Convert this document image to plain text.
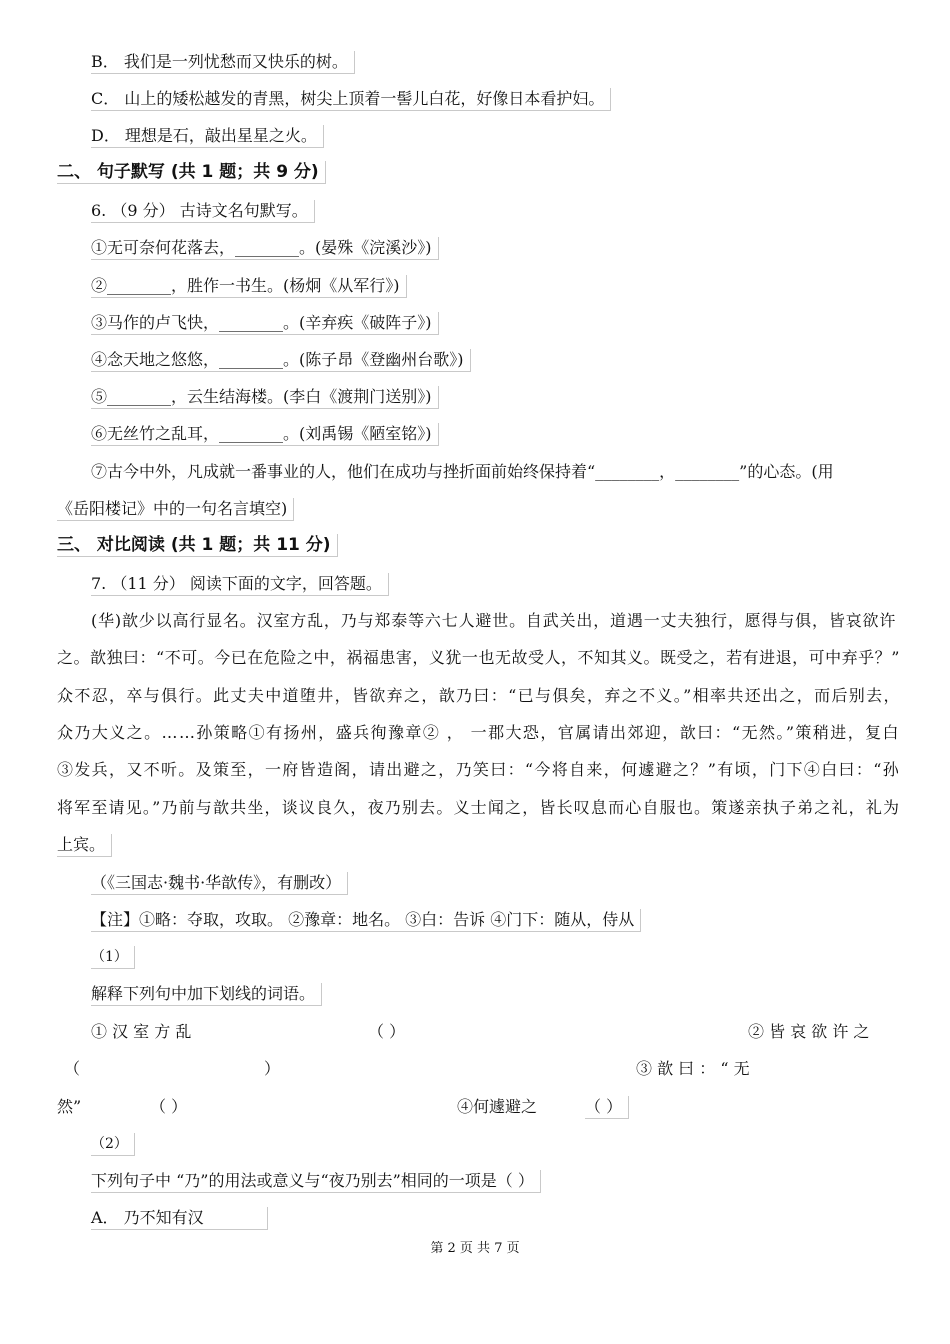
B． 我们是一列忧愁而又快乐的树。
C． 山上的矮松越发的青黑，树尖上顶着一髻儿白花，好像日本看护妇。
D． 理想是石，敲出星星之火。
二、 句子默写 (共 1 题；共 9 分)
6. （9 分） 古诗文名句默写。
①无可奈何花落去，________。(晏殊《浣溪沙》)
②________，胜作一书生。(杨炯《从军行》)
③马作的卢飞快，________。(辛弃疾《破阵子》)
④念天地之悠悠，________。(陈子昂《登幽州台歌》)
⑤________，云生结海楼。(李白《渡荆门送别》)
⑥无丝竹之乱耳，________。(刘禹锡《陋室铭》)
⑦古今中外，凡成就一番事业的人，他们在成功与挫折面前始终保持着“________，________”的心态。(用
《岳阳楼记》中的一句名言填空)
三、 对比阅读 (共 1 题；共 11 分)
7. （11 分） 阅读下面的文字，回答题。
(华)歆少以高行显名。汉室方乱，乃与郑泰等六七人避世。自武关出，道遇一丈夫独行，愿得与俱，皆哀欲许
之。歆独曰：“不可。今已在危险之中，祸福患害，义犹一也无故受人，不知其义。既受之，若有进退，可中弃乎？”
众不忍，卒与俱行。此丈夫中道堕井，皆欲弃之，歆乃曰：“已与俱矣，弃之不义。”相率共还出之，而后别去，
众乃大义之。……孙策略①有扬州，盛兵徇豫章② ， 一郡大恐，官属请出郊迎，歆曰：“无然。”策稍进，复白
③发兵，又不听。及策至，一府皆造阁，请出避之，乃笑曰：“今将自来，何遽避之？”有顷，门下④白曰：“孙
将军至请见。”乃前与歆共坐，谈议良久，夜乃别去。义士闻之，皆长叹息而心自服也。策遂亲执子弟之礼，礼为
上宾。
（《三国志·魏书·华歆传》，有删改）
【注】①略：夺取，攻取。 ②豫章：地名。 ③白：告诉 ④门下：随从，侍从
（1）
解释下列句中加下划线的词语。
① 汉 室 方 乱	（ ）	② 皆 哀 欲 许 之
（	）	③ 歆 曰 ： “ 无
然”	（ ）	④何遽避之	（ ）
（2）
下列句子中 “乃”的用法或意义与“夜乃别去”相同的一项是（ ）
A． 乃不知有汉
第 2 页 共 7 页
